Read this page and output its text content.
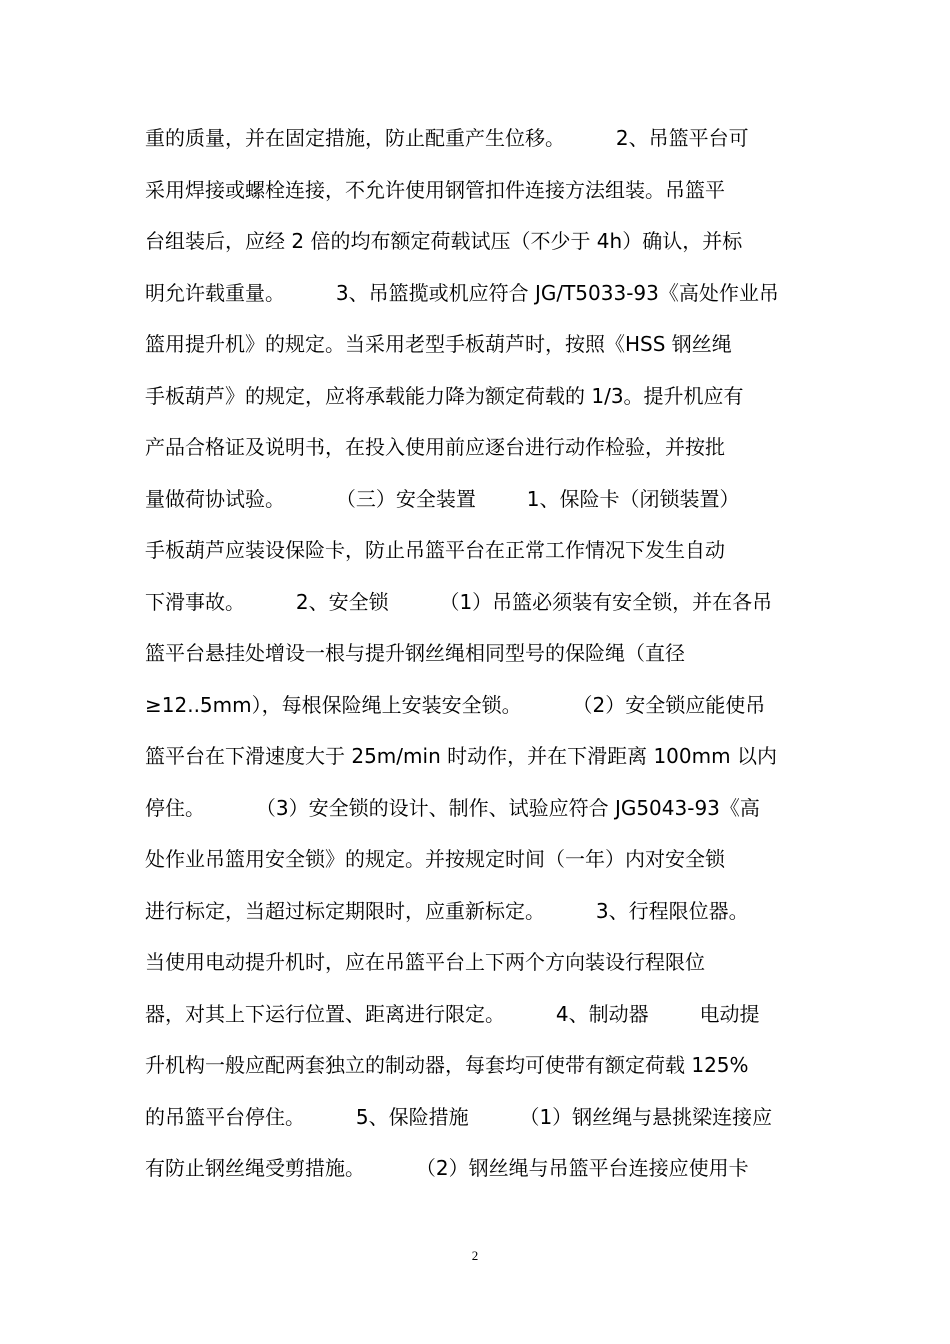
重的质量，并在固定措施，防止配重产生位移。        2、吊篮平台可
采用焊接或螺栓连接，不允许使用钢管扣件连接方法组装。吊篮平
台组装后，应经 2 倍的均布额定荷载试压（不少于 4h）确认，并标
明允许载重量。        3、吊篮揽或机应符合 JG/T5033-93《高处作业吊
篮用提升机》的规定。当采用老型手板葫芦时，按照《HSS 钢丝绳
手板葫芦》的规定，应将承载能力降为额定荷载的 1/3。提升机应有
产品合格证及说明书，在投入使用前应逐台进行动作检验，并按批
量做荷协试验。        （三）安全装置        1、保险卡（闭锁装置）
手板葫芦应装设保险卡，防止吊篮平台在正常工作情况下发生自动
下滑事故。        2、安全锁        （1）吊篮必须装有安全锁，并在各吊
篮平台悬挂处增设一根与提升钢丝绳相同型号的保险绳（直径
≥12..5mm），每根保险绳上安装安全锁。        （2）安全锁应能使吊
篮平台在下滑速度大于 25m/min 时动作，并在下滑距离 100mm 以内
停住。        （3）安全锁的设计、制作、试验应符合 JG5043-93《高
处作业吊篮用安全锁》的规定。并按规定时间（一年）内对安全锁
进行标定，当超过标定期限时，应重新标定。        3、行程限位器。
当使用电动提升机时，应在吊篮平台上下两个方向装设行程限位
器，对其上下运行位置、距离进行限定。        4、制动器        电动提
升机构一般应配两套独立的制动器，每套均可使带有额定荷载 125%
的吊篮平台停住。        5、保险措施        （1）钢丝绳与悬挑梁连接应
有防止钢丝绳受剪措施。        （2）钢丝绳与吊篮平台连接应使用卡
2
